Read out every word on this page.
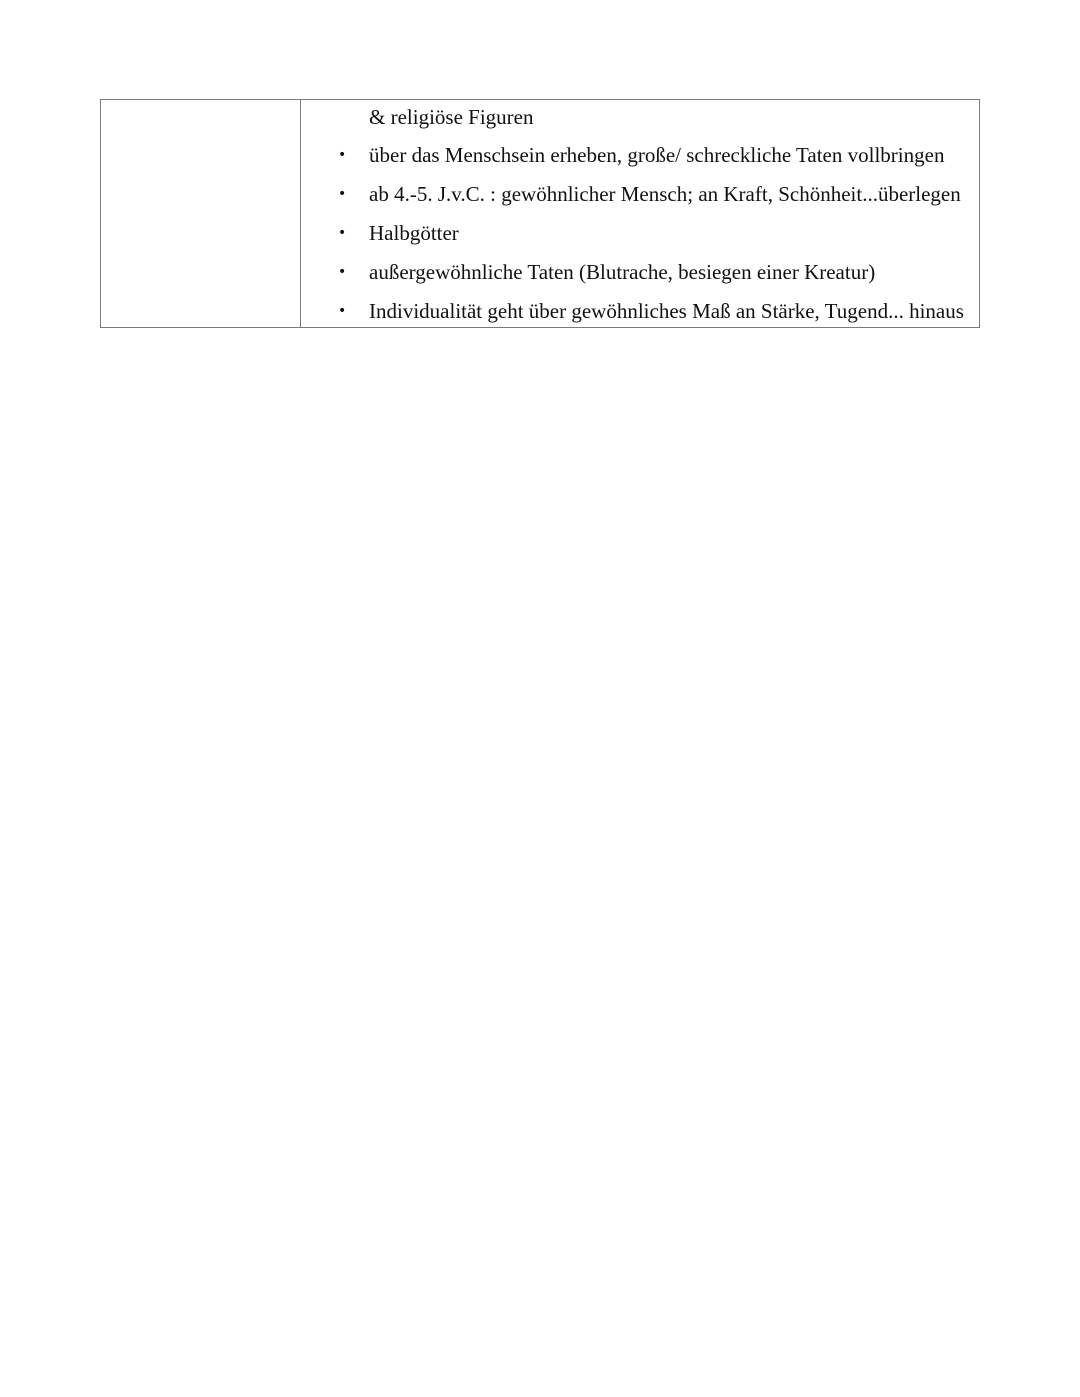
& religiöse Figuren
• über das Menschsein erheben, große/ schreckliche Taten vollbringen
• ab 4.-5. J.v.C. : gewöhnlicher Mensch; an Kraft, Schönheit...überlegen
• Halbgötter
• außergewöhnliche Taten (Blutrache, besiegen einer Kreatur)
• Individualität geht über gewöhnliches Maß an Stärke, Tugend... hinaus
